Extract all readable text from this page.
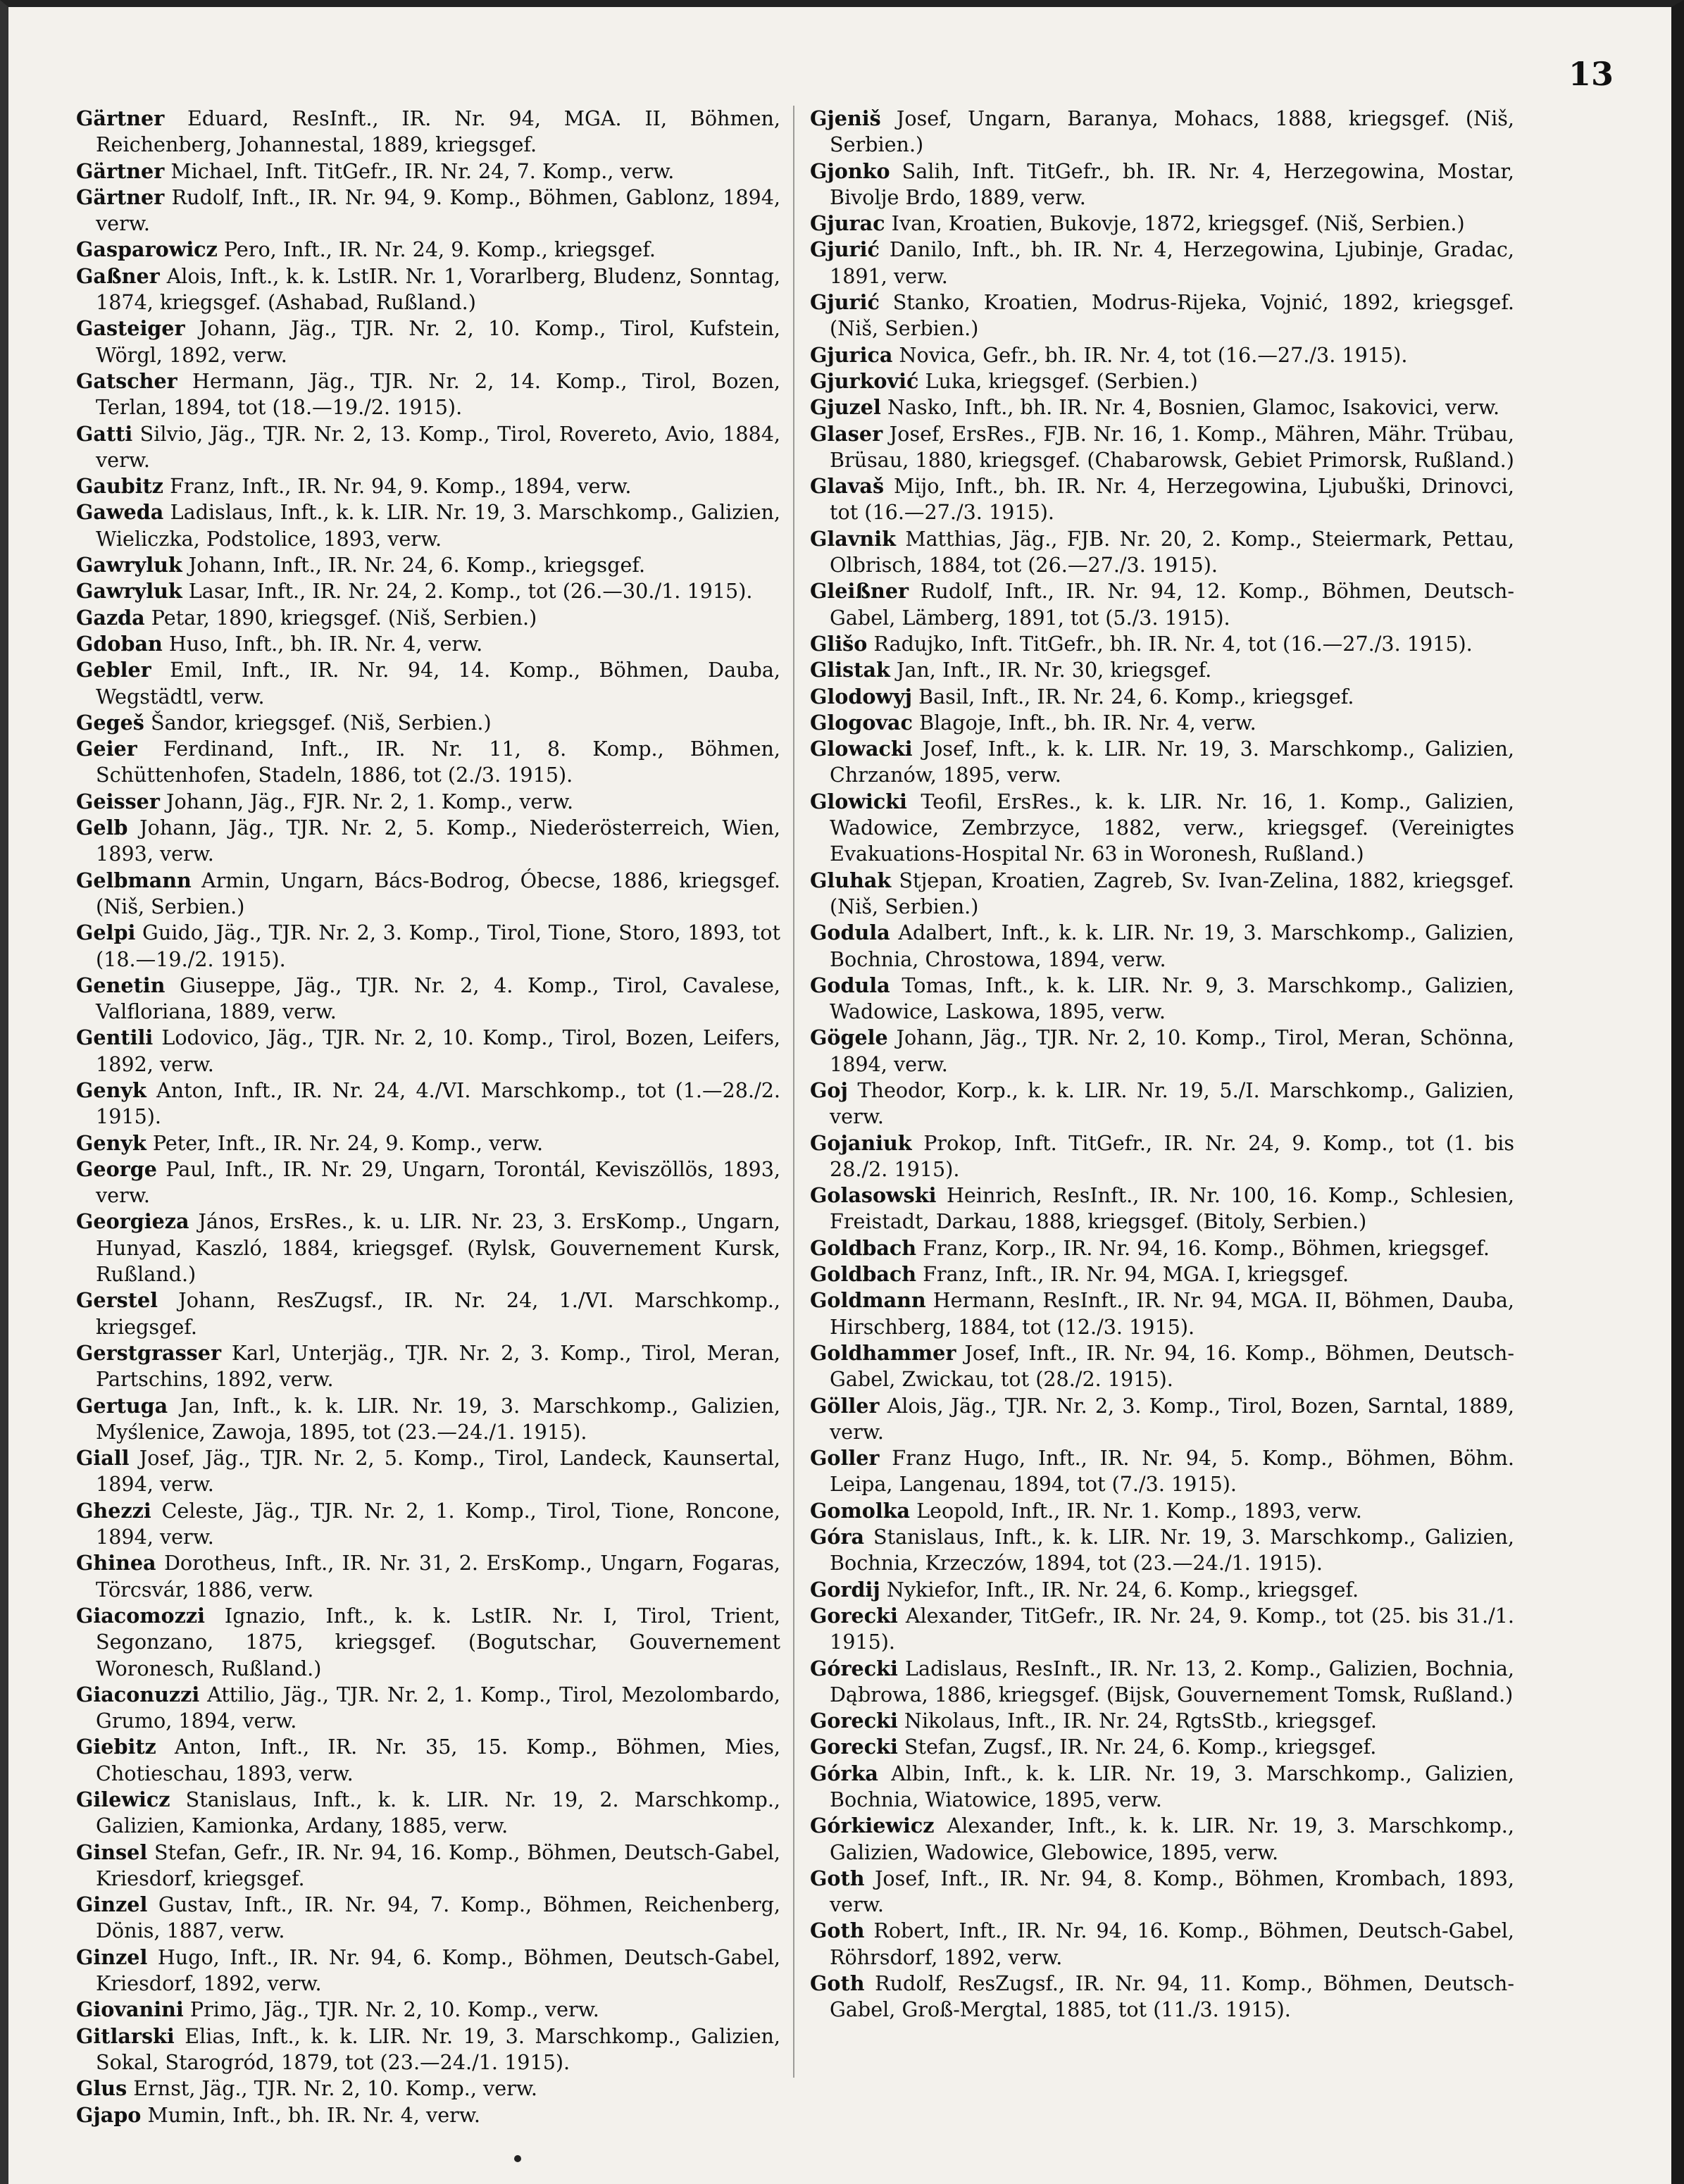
13

Gärtner Eduard, ResInft., IR. Nr. 94, MGA. II, Böhmen, Reichenberg, Johannestal, 1889, kriegsgef.

Gärtner Michael, Inft. TitGefr., IR. Nr. 24, 7. Komp., verw.

Gärtner Rudolf, Inft., IR. Nr. 94, 9. Komp., Böhmen, Gablonz, 1894, verw.

Gasparowicz Pero, Inft., IR. Nr. 24, 9. Komp., kriegsgef.

Gaßner Alois, Inft., k. k. LstIR. Nr. 1, Vorarlberg, Bludenz, Sonntag, 1874, kriegsgef. (Ashabad, Rußland.)

Gasteiger Johann, Jäg., TJR. Nr. 2, 10. Komp., Tirol, Kufstein, Wörgl, 1892, verw.

Gatscher Hermann, Jäg., TJR. Nr. 2, 14. Komp., Tirol, Bozen, Terlan, 1894, tot (18.—19./2. 1915).

Gatti Silvio, Jäg., TJR. Nr. 2, 13. Komp., Tirol, Rovereto, Avio, 1884, verw.

Gaubitz Franz, Inft., IR. Nr. 94, 9. Komp., 1894, verw.

Gaweda Ladislaus, Inft., k. k. LIR. Nr. 19, 3. Marschkomp., Galizien, Wieliczka, Podstolice, 1893, verw.

Gawryluk Johann, Inft., IR. Nr. 24, 6. Komp., kriegsgef.

Gawryluk Lasar, Inft., IR. Nr. 24, 2. Komp., tot (26.—30./1. 1915).

Gazda Petar, 1890, kriegsgef. (Niš, Serbien.)

Gdoban Huso, Inft., bh. IR. Nr. 4, verw.

Gebler Emil, Inft., IR. Nr. 94, 14. Komp., Böhmen, Dauba, Wegstädtl, verw.

Gegeš Šandor, kriegsgef. (Niš, Serbien.)

Geier Ferdinand, Inft., IR. Nr. 11, 8. Komp., Böhmen, Schüttenhofen, Stadeln, 1886, tot (2./3. 1915).

Geisser Johann, Jäg., FJR. Nr. 2, 1. Komp., verw.

Gelb Johann, Jäg., TJR. Nr. 2, 5. Komp., Niederösterreich, Wien, 1893, verw.

Gelbmann Armin, Ungarn, Bács-Bodrog, Óbecse, 1886, kriegsgef. (Niš, Serbien.)

Gelpi Guido, Jäg., TJR. Nr. 2, 3. Komp., Tirol, Tione, Storo, 1893, tot (18.—19./2. 1915).

Genetin Giuseppe, Jäg., TJR. Nr. 2, 4. Komp., Tirol, Cavalese, Valfloriana, 1889, verw.

Gentili Lodovico, Jäg., TJR. Nr. 2, 10. Komp., Tirol, Bozen, Leifers, 1892, verw.

Genyk Anton, Inft., IR. Nr. 24, 4./VI. Marschkomp., tot (1.—28./2. 1915).

Genyk Peter, Inft., IR. Nr. 24, 9. Komp., verw.

George Paul, Inft., IR. Nr. 29, Ungarn, Torontál, Keviszöllös, 1893, verw.

Georgieza János, ErsRes., k. u. LIR. Nr. 23, 3. ErsKomp., Ungarn, Hunyad, Kaszló, 1884, kriegsgef. (Rylsk, Gouvernement Kursk, Rußland.)

Gerstel Johann, ResZugsf., IR. Nr. 24, 1./VI. Marschkomp., kriegsgef.

Gerstgrasser Karl, Unterjäg., TJR. Nr. 2, 3. Komp., Tirol, Meran, Partschins, 1892, verw.

Gertuga Jan, Inft., k. k. LIR. Nr. 19, 3. Marschkomp., Galizien, Myślenice, Zawoja, 1895, tot (23.—24./1. 1915).

Giall Josef, Jäg., TJR. Nr. 2, 5. Komp., Tirol, Landeck, Kaunsertal, 1894, verw.

Ghezzi Celeste, Jäg., TJR. Nr. 2, 1. Komp., Tirol, Tione, Roncone, 1894, verw.

Ghinea Dorotheus, Inft., IR. Nr. 31, 2. ErsKomp., Ungarn, Fogaras, Törcsvár, 1886, verw.

Giacomozzi Ignazio, Inft., k. k. LstIR. Nr. I, Tirol, Trient, Segonzano, 1875, kriegsgef. (Bogutschar, Gouvernement Woronesch, Rußland.)

Giaconuzzi Attilio, Jäg., TJR. Nr. 2, 1. Komp., Tirol, Mezolombardo, Grumo, 1894, verw.

Giebitz Anton, Inft., IR. Nr. 35, 15. Komp., Böhmen, Mies, Chotieschau, 1893, verw.

Gilewicz Stanislaus, Inft., k. k. LIR. Nr. 19, 2. Marschkomp., Galizien, Kamionka, Ardany, 1885, verw.

Ginsel Stefan, Gefr., IR. Nr. 94, 16. Komp., Böhmen, Deutsch-Gabel, Kriesdorf, kriegsgef.

Ginzel Gustav, Inft., IR. Nr. 94, 7. Komp., Böhmen, Reichenberg, Dönis, 1887, verw.

Ginzel Hugo, Inft., IR. Nr. 94, 6. Komp., Böhmen, Deutsch-Gabel, Kriesdorf, 1892, verw.

Giovanini Primo, Jäg., TJR. Nr. 2, 10. Komp., verw.

Gitlarski Elias, Inft., k. k. LIR. Nr. 19, 3. Marschkomp., Galizien, Sokal, Starogród, 1879, tot (23.—24./1. 1915).

Glus Ernst, Jäg., TJR. Nr. 2, 10. Komp., verw.

Gjapo Mumin, Inft., bh. IR. Nr. 4, verw.

Gjeniš Josef, Ungarn, Baranya, Mohacs, 1888, kriegsgef. (Niš, Serbien.)

Gjonko Salih, Inft. TitGefr., bh. IR. Nr. 4, Herzegowina, Mostar, Bivolje Brdo, 1889, verw.

Gjurac Ivan, Kroatien, Bukovje, 1872, kriegsgef. (Niš, Serbien.)

Gjurić Danilo, Inft., bh. IR. Nr. 4, Herzegowina, Ljubinje, Gradac, 1891, verw.

Gjurić Stanko, Kroatien, Modrus-Rijeka, Vojnić, 1892, kriegsgef. (Niš, Serbien.)

Gjurica Novica, Gefr., bh. IR. Nr. 4, tot (16.—27./3. 1915).

Gjurković Luka, kriegsgef. (Serbien.)

Gjuzel Nasko, Inft., bh. IR. Nr. 4, Bosnien, Glamoc, Isakovici, verw.

Glaser Josef, ErsRes., FJB. Nr. 16, 1. Komp., Mähren, Mähr. Trübau, Brüsau, 1880, kriegsgef. (Chabarowsk, Gebiet Primorsk, Rußland.)

Glavaš Mijo, Inft., bh. IR. Nr. 4, Herzegowina, Ljubuški, Drinovci, tot (16.—27./3. 1915).

Glavnik Matthias, Jäg., FJB. Nr. 20, 2. Komp., Steiermark, Pettau, Olbrisch, 1884, tot (26.—27./3. 1915).

Gleißner Rudolf, Inft., IR. Nr. 94, 12. Komp., Böhmen, Deutsch-Gabel, Lämberg, 1891, tot (5./3. 1915).

Glišo Radujko, Inft. TitGefr., bh. IR. Nr. 4, tot (16.—27./3. 1915).

Glistak Jan, Inft., IR. Nr. 30, kriegsgef.

Glodowyj Basil, Inft., IR. Nr. 24, 6. Komp., kriegsgef.

Glogovac Blagoje, Inft., bh. IR. Nr. 4, verw.

Glowacki Josef, Inft., k. k. LIR. Nr. 19, 3. Marschkomp., Galizien, Chrzanów, 1895, verw.

Glowicki Teofil, ErsRes., k. k. LIR. Nr. 16, 1. Komp., Galizien, Wadowice, Zembrzyce, 1882, verw., kriegsgef. (Vereinigtes Evakuations-Hospital Nr. 63 in Woronesh, Rußland.)

Gluhak Stjepan, Kroatien, Zagreb, Sv. Ivan-Zelina, 1882, kriegsgef. (Niš, Serbien.)

Godula Adalbert, Inft., k. k. LIR. Nr. 19, 3. Marschkomp., Galizien, Bochnia, Chrostowa, 1894, verw.

Godula Tomas, Inft., k. k. LIR. Nr. 9, 3. Marschkomp., Galizien, Wadowice, Laskowa, 1895, verw.

Gögele Johann, Jäg., TJR. Nr. 2, 10. Komp., Tirol, Meran, Schönna, 1894, verw.

Goj Theodor, Korp., k. k. LIR. Nr. 19, 5./I. Marschkomp., Galizien, verw.

Gojaniuk Prokop, Inft. TitGefr., IR. Nr. 24, 9. Komp., tot (1. bis 28./2. 1915).

Golasowski Heinrich, ResInft., IR. Nr. 100, 16. Komp., Schlesien, Freistadt, Darkau, 1888, kriegsgef. (Bitoly, Serbien.)

Goldbach Franz, Korp., IR. Nr. 94, 16. Komp., Böhmen, kriegsgef.

Goldbach Franz, Inft., IR. Nr. 94, MGA. I, kriegsgef.

Goldmann Hermann, ResInft., IR. Nr. 94, MGA. II, Böhmen, Dauba, Hirschberg, 1884, tot (12./3. 1915).

Goldhammer Josef, Inft., IR. Nr. 94, 16. Komp., Böhmen, Deutsch-Gabel, Zwickau, tot (28./2. 1915).

Göller Alois, Jäg., TJR. Nr. 2, 3. Komp., Tirol, Bozen, Sarntal, 1889, verw.

Goller Franz Hugo, Inft., IR. Nr. 94, 5. Komp., Böhmen, Böhm. Leipa, Langenau, 1894, tot (7./3. 1915).

Gomolka Leopold, Inft., IR. Nr. 1. Komp., 1893, verw.

Góra Stanislaus, Inft., k. k. LIR. Nr. 19, 3. Marschkomp., Galizien, Bochnia, Krzeczów, 1894, tot (23.—24./1. 1915).

Gordij Nykiefor, Inft., IR. Nr. 24, 6. Komp., kriegsgef.

Gorecki Alexander, TitGefr., IR. Nr. 24, 9. Komp., tot (25. bis 31./1. 1915).

Górecki Ladislaus, ResInft., IR. Nr. 13, 2. Komp., Galizien, Bochnia, Dąbrowa, 1886, kriegsgef. (Bijsk, Gouvernement Tomsk, Rußland.)

Gorecki Nikolaus, Inft., IR. Nr. 24, RgtsStb., kriegsgef.

Gorecki Stefan, Zugsf., IR. Nr. 24, 6. Komp., kriegsgef.

Górka Albin, Inft., k. k. LIR. Nr. 19, 3. Marschkomp., Galizien, Bochnia, Wiatowice, 1895, verw.

Górkiewicz Alexander, Inft., k. k. LIR. Nr. 19, 3. Marschkomp., Galizien, Wadowice, Glebowice, 1895, verw.

Goth Josef, Inft., IR. Nr. 94, 8. Komp., Böhmen, Krombach, 1893, verw.

Goth Robert, Inft., IR. Nr. 94, 16. Komp., Böhmen, Deutsch-Gabel, Röhrsdorf, 1892, verw.

Goth Rudolf, ResZugsf., IR. Nr. 94, 11. Komp., Böhmen, Deutsch-Gabel, Groß-Mergtal, 1885, tot (11./3. 1915).
